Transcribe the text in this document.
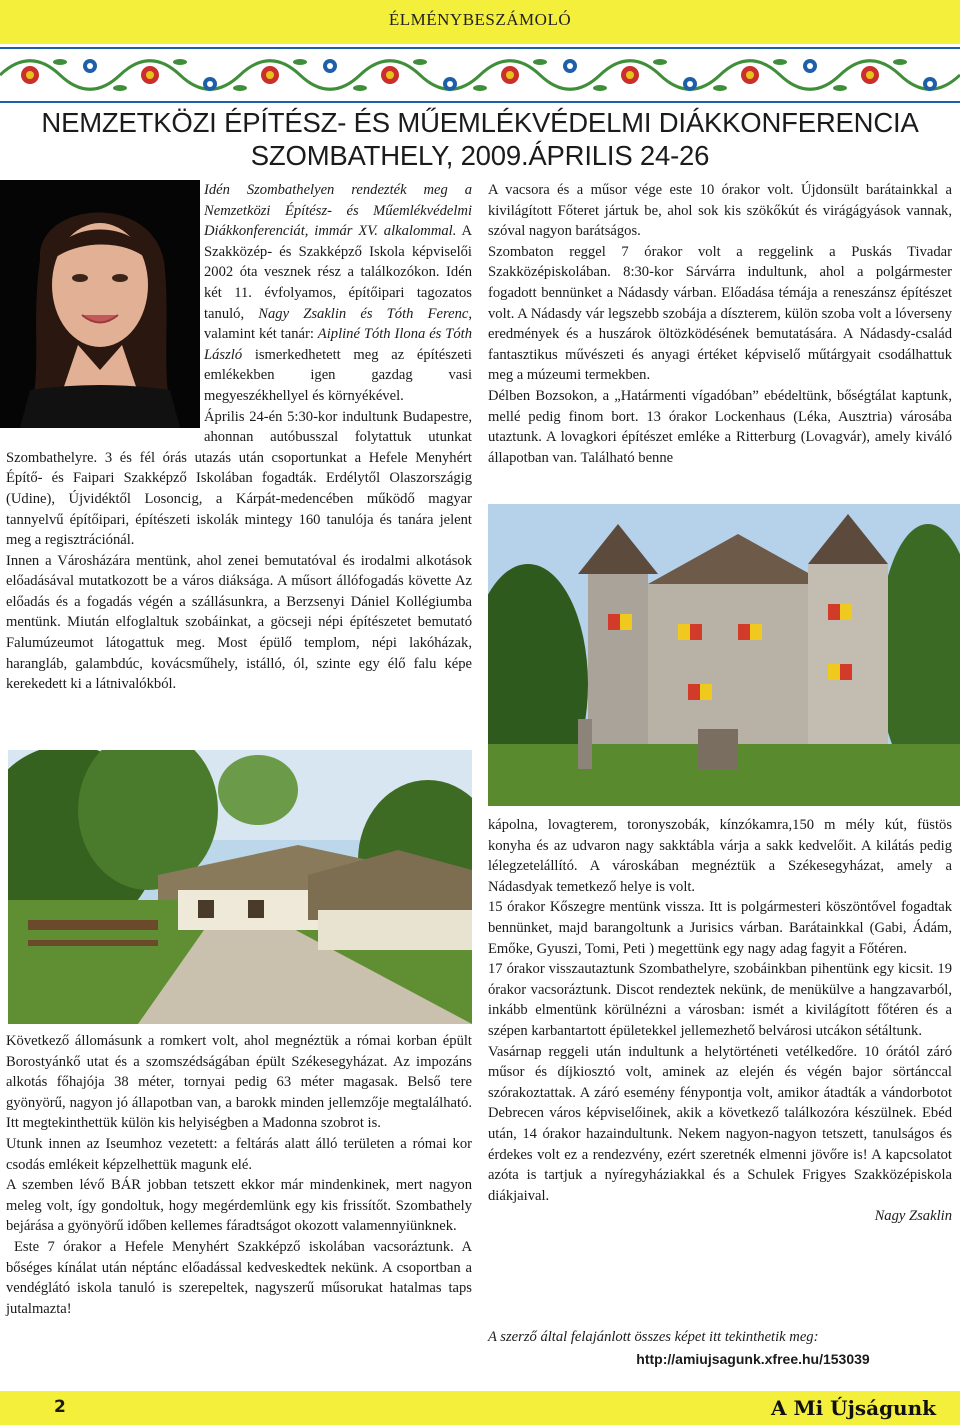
ÉLMÉNYBESZÁMOLÓ
NEMZETKÖZI ÉPÍTÉSZ- ÉS MŰEMLÉKVÉDELMI DIÁKKONFERENCIA
SZOMBATHELY, 2009.ÁPRILIS 24-26

Idén Szombathelyen rendezték meg a Nemzetközi Építész- és Műemlékvédelmi Diákkonferenciát, immár XV. alkalommal. A Szakközép- és Szakképző Iskola képviselői 2002 óta vesznek rész a találkozókon. Idén két 11. évfolyamos, építőipari tagozatos tanuló, Nagy Zsaklin és Tóth Ferenc, valamint két tanár: Aipliné Tóth Ilona és Tóth László ismerkedhetett meg az építészeti emlékekben igen gazdag vasi megyeszékhellyel és környékével.

Április 24-én 5:30-kor indultunk Budapestre, ahonnan autóbusszal folytattuk utunkat Szombathelyre. 3 és fél órás utazás után csoportunkat a Hefele Menyhért Építő- és Faipari Szakképző Iskolában fogadták. Erdélytől Olaszországig (Udine), Újvidéktől Losoncig, a Kárpát-medencében működő magyar tannyelvű építőipari, építészeti iskolák mintegy 160 tanulója és tanára jelent meg a regisztrációnál.

Innen a Városházára mentünk, ahol zenei bemutatóval és irodalmi alkotások előadásával mutatkozott be a város diáksága. A műsort állófogadás követte Az előadás és a fogadás végén a szállásunkra, a Berzsenyi Dániel Kollégiumba mentünk. Miután elfoglaltuk szobáinkat, a göcseji népi építészetet bemutató Falumúzeumot látogattuk meg. Most épülő templom, népi lakóházak, harangláb, galambdúc, kovácsműhely, istálló, ól, szinte egy élő falu képe kerekedett ki a látnivalókból.

Következő állomásunk a romkert volt, ahol megnéztük a római korban épült Borostyánkő utat és a szomszédságában épült Székesegyházat. Az impozáns alkotás főhajója 38 méter, tornyai pedig 63 méter magasak. Belső tere gyönyörű, nagyon jó állapotban van, a barokk minden jellemzője megtalálható. Itt megtekinthettük külön kis helyiségben a Madonna szobrot is.

Utunk innen az Iseumhoz vezetett: a feltárás alatt álló területen a római kor csodás emlékeit képzelhettük magunk elé.

A szemben lévő BÁR jobban tetszett ekkor már mindenkinek, mert nagyon meleg volt, így gondoltuk, hogy megérdemlünk egy kis frissítőt. Szombathely bejárása a gyönyörű időben kellemes fáradtságot okozott valamennyiünknek.

Este 7 órakor a Hefele Menyhért Szakképző iskolában vacsoráztunk. A bőséges kínálat után néptánc előadással kedveskedtek nekünk. A csoportban a vendéglátó iskola tanuló is szerepeltek, nagyszerű műsorukat hatalmas taps jutalmazta!

A vacsora és a műsor vége este 10 órakor volt. Újdonsült barátainkkal a kivilágított Főteret jártuk be, ahol sok kis szökőkút és virágágyások vannak, szóval nagyon barátságos.

Szombaton reggel 7 órakor volt a reggelink a Puskás Tivadar Szakközépiskolában. 8:30-kor Sárvárra indultunk, ahol a polgármester fogadott bennünket a Nádasdy várban. Előadása témája a reneszánsz építészet volt. A Nádasdy vár legszebb szobája a díszterem, külön szoba volt a lóverseny eredmények és a huszárok öltözködésének bemutatására. A Nádasdy-család fantasztikus művészeti és anyagi értéket képviselő műtárgyait csodálhattuk meg a múzeumi termekben.

Délben Bozsokon, a „Határmenti vígadóban” ebédeltünk, bőségtálat kaptunk, mellé pedig finom bort. 13 órakor Lockenhaus (Léka, Ausztria) városába utaztunk. A lovagkori építészet emléke a Ritterburg (Lovagvár), amely kiváló állapotban van. Található benne

kápolna, lovagterem, toronyszobák, kínzókamra,150 m mély kút, füstös konyha és az udvaron nagy sakktábla várja a sakk kedvelőit. A kilátás pedig lélegzetelállító. A városkában megnéztük a Székesegyházat, amely a Nádasdyak temetkező helye is volt.

15 órakor Kőszegre mentünk vissza. Itt is polgármesteri köszöntővel fogadtak bennünket, majd barangoltunk a Jurisics várban. Barátainkkal (Gabi, Ádám, Emőke, Gyuszi, Tomi, Peti ) megettünk egy nagy adag fagyit a Főtéren.

17 órakor visszautaztunk Szombathelyre, szobáinkban pihentünk egy kicsit. 19 órakor vacsoráztunk. Discot rendeztek nekünk, de menükülve a hangzavarból, inkább elmentünk körülnézni a városban: ismét a kivilágított főtéren és a szépen karbantartott épületekkel jellemezhető belvárosi utcákon sétáltunk.

Vasárnap reggeli után indultunk a helytörténeti vetélkedőre. 10 órától záró műsor és díjkiosztó volt, aminek az elején és végén bajor sörtánccal szórakoztattak. A záró esemény fénypontja volt, amikor átadták a vándorbotot Debrecen város képviselőinek, akik a következő találkozóra készülnek. Ebéd után, 14 órakor hazaindultunk. Nekem nagyon-nagyon tetszett, tanulságos és érdekes volt ez a rendezvény, ezért szeretnék elmenni jövőre is! A kapcsolatot azóta is tartjuk a nyíregyháziakkal és a Schulek Frigyes Szakközépiskola diákjaival.

Nagy Zsaklin

A szerző által felajánlott összes képet itt tekinthetik meg:
http://amiujsagunk.xfree.hu/153039
2	A Mi Újságunk
